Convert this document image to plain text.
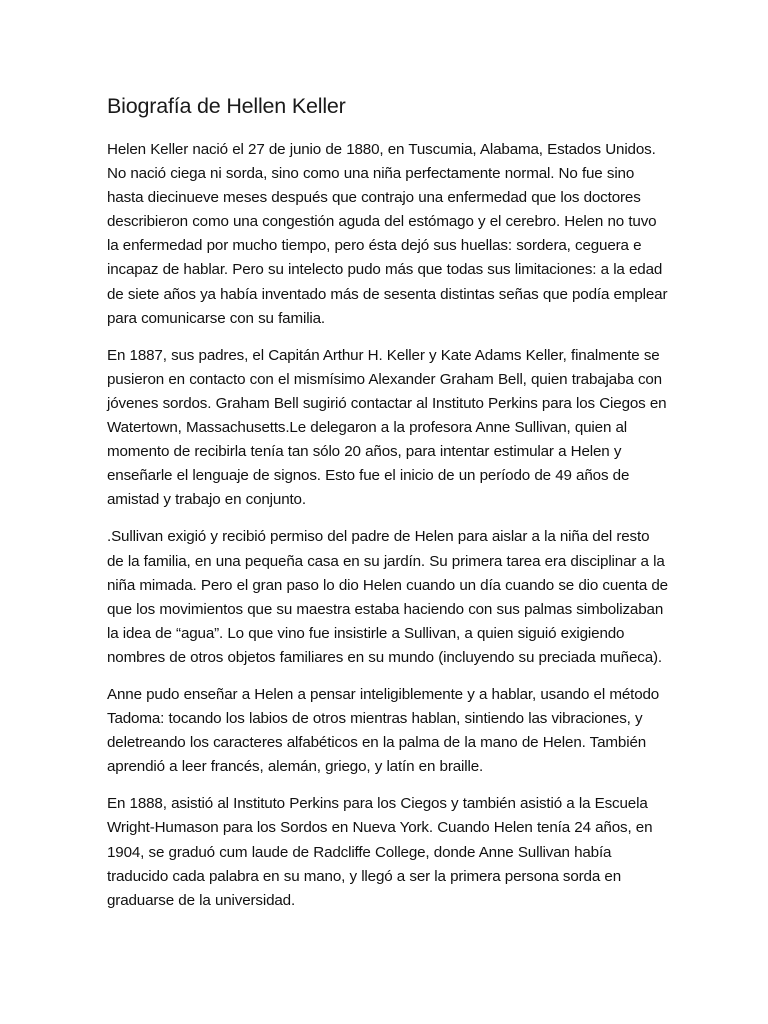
Biografía de Hellen Keller

Helen Keller nació el 27 de junio de 1880, en Tuscumia, Alabama, Estados Unidos. No nació ciega ni sorda, sino como una niña perfectamente normal. No fue sino hasta diecinueve meses después que contrajo una enfermedad que los doctores describieron como una congestión aguda del estómago y el cerebro. Helen no tuvo la enfermedad por mucho tiempo, pero ésta dejó sus huellas: sordera, ceguera e incapaz de hablar. Pero su intelecto pudo más que todas sus limitaciones: a la edad de siete años ya había inventado más de sesenta distintas señas que podía emplear para comunicarse con su familia.

En 1887, sus padres, el Capitán Arthur H. Keller y Kate Adams Keller, finalmente se pusieron en contacto con el mismísimo Alexander Graham Bell, quien trabajaba con jóvenes sordos. Graham Bell sugirió contactar al Instituto Perkins para los Ciegos en Watertown, Massachusetts.Le delegaron a la profesora Anne Sullivan, quien al momento de recibirla tenía tan sólo 20 años, para intentar estimular a Helen y enseñarle el lenguaje de signos. Esto fue el inicio de un período de 49 años de amistad y trabajo en conjunto.

.Sullivan exigió y recibió permiso del padre de Helen para aislar a la niña del resto de la familia, en una pequeña casa en su jardín. Su primera tarea era disciplinar a la niña mimada. Pero el gran paso lo dio Helen cuando un día cuando se dio cuenta de que los movimientos que su maestra estaba haciendo con sus palmas simbolizaban la idea de “agua”. Lo que vino fue insistirle a Sullivan, a quien siguió exigiendo nombres de otros objetos familiares en su mundo (incluyendo su preciada muñeca).

Anne pudo enseñar a Helen a pensar inteligiblemente y a hablar, usando el método Tadoma: tocando los labios de otros mientras hablan, sintiendo las vibraciones, y deletreando los caracteres alfabéticos en la palma de la mano de Helen. También aprendió a leer francés, alemán, griego, y latín en braille.

En 1888, asistió al Instituto Perkins para los Ciegos y también asistió a la Escuela Wright-Humason para los Sordos en Nueva York. Cuando Helen tenía 24 años, en 1904, se graduó cum laude de Radcliffe College, donde Anne Sullivan había traducido cada palabra en su mano, y llegó a ser la primera persona sorda en graduarse de la universidad.
